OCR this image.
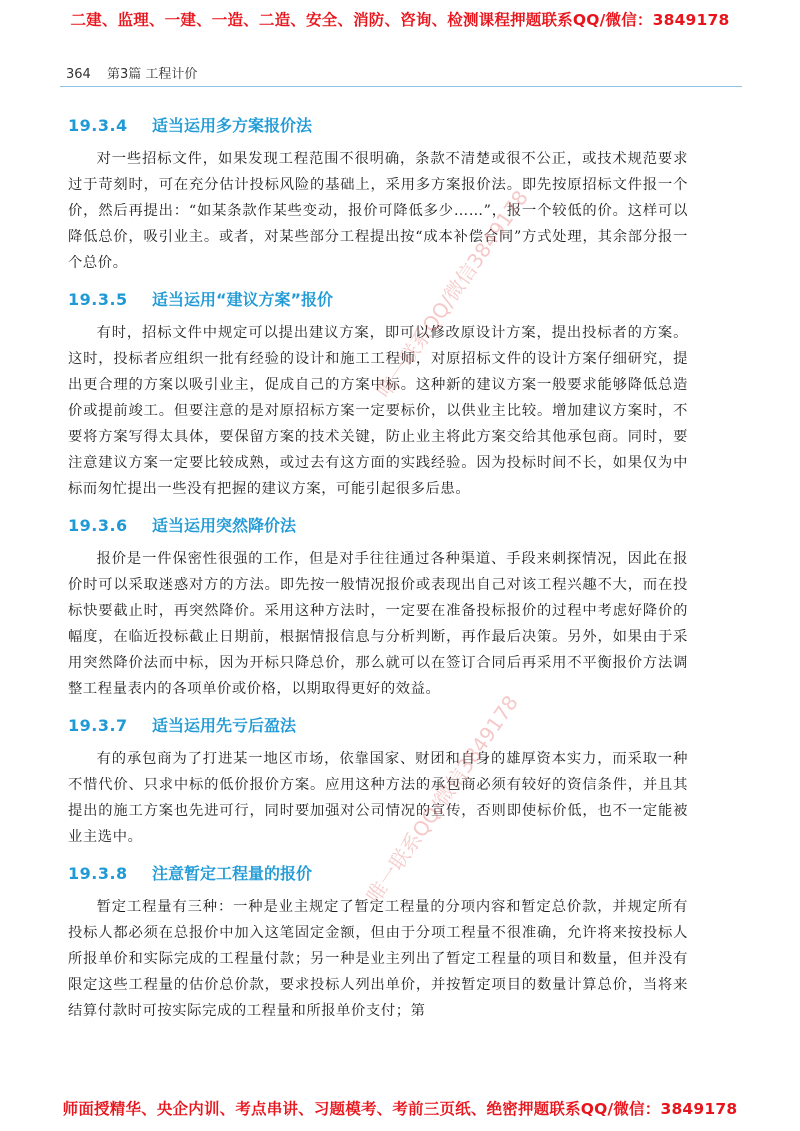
二建、监理、一建、一造、二造、安全、消防、咨询、检测课程押题联系QQ/微信：3849178
364 第3篇 工程计价
19.3.4 适当运用多方案报价法

对一些招标文件，如果发现工程范围不很明确，条款不清楚或很不公正，或技术规范要求过于苛刻时，可在充分估计投标风险的基础上，采用多方案报价法。即先按原招标文件报一个价，然后再提出：“如某条款作某些变动，报价可降低多少……”，报一个较低的价。这样可以降低总价，吸引业主。或者，对某些部分工程提出按“成本补偿合同”方式处理，其余部分报一个总价。

19.3.5 适当运用“建议方案”报价

有时，招标文件中规定可以提出建议方案，即可以修改原设计方案，提出投标者的方案。这时，投标者应组织一批有经验的设计和施工工程师，对原招标文件的设计方案仔细研究，提出更合理的方案以吸引业主，促成自己的方案中标。这种新的建议方案一般要求能够降低总造价或提前竣工。但要注意的是对原招标方案一定要标价，以供业主比较。增加建议方案时，不要将方案写得太具体，要保留方案的技术关键，防止业主将此方案交给其他承包商。同时，要注意建议方案一定要比较成熟，或过去有这方面的实践经验。因为投标时间不长，如果仅为中标而匆忙提出一些没有把握的建议方案，可能引起很多后患。

19.3.6 适当运用突然降价法

报价是一件保密性很强的工作，但是对手往往通过各种渠道、手段来刺探情况，因此在报价时可以采取迷惑对方的方法。即先按一般情况报价或表现出自己对该工程兴趣不大，而在投标快要截止时，再突然降价。采用这种方法时，一定要在准备投标报价的过程中考虑好降价的幅度，在临近投标截止日期前，根据情报信息与分析判断，再作最后决策。另外，如果由于采用突然降价法而中标，因为开标只降总价，那么就可以在签订合同后再采用不平衡报价方法调整工程量表内的各项单价或价格，以期取得更好的效益。

19.3.7 适当运用先亏后盈法

有的承包商为了打进某一地区市场，依靠国家、财团和自身的雄厚资本实力，而采取一种不惜代价、只求中标的低价报价方案。应用这种方法的承包商必须有较好的资信条件，并且其提出的施工方案也先进可行，同时要加强对公司情况的宣传，否则即使标价低，也不一定能被业主选中。

19.3.8 注意暂定工程量的报价

暂定工程量有三种：一种是业主规定了暂定工程量的分项内容和暂定总价款，并规定所有投标人都必须在总报价中加入这笔固定金额，但由于分项工程量不很准确，允许将来按投标人所报单价和实际完成的工程量付款；另一种是业主列出了暂定工程量的项目和数量，但并没有限定这些工程量的估价总价款，要求投标人列出单价，并按暂定项目的数量计算总价，当将来结算付款时可按实际完成的工程量和所报单价支付；第

唯一联系QQ/微信3849178
唯一联系QQ/微信3849178
师面授精华、央企内训、考点串讲、习题模考、考前三页纸、绝密押题联系QQ/微信：3849178
